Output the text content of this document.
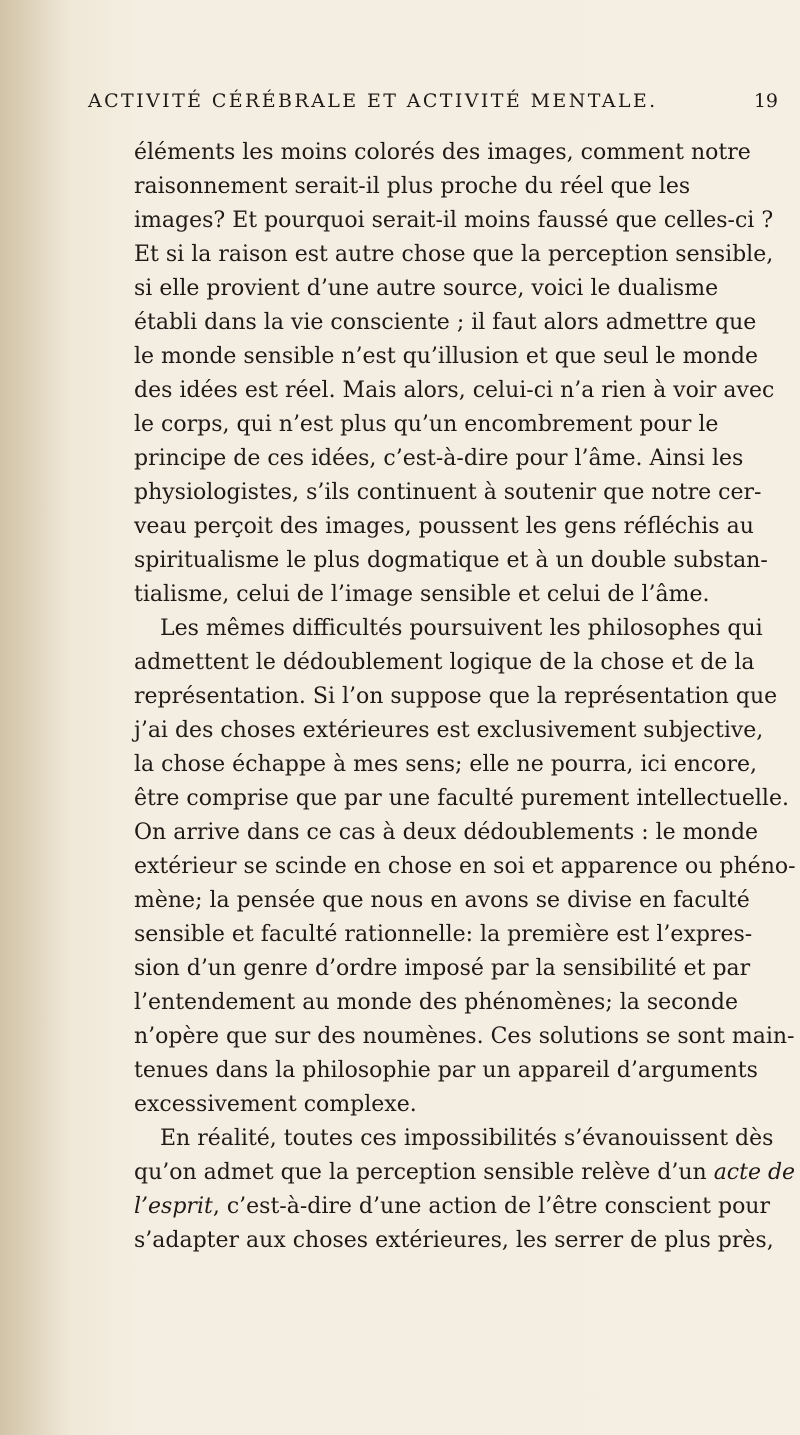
ACTIVITÉ CÉRÉBRALE ET ACTIVITÉ MENTALE.	19
éléments les moins colorés des images, comment notre
raisonnement serait-il plus proche du réel que les
images? Et pourquoi serait-il moins faussé que celles-ci ?
Et si la raison est autre chose que la perception sensible,
si elle provient d’une autre source, voici le dualisme
établi dans la vie consciente ; il faut alors admettre que
le monde sensible n’est qu’illusion et que seul le monde
des idées est réel. Mais alors, celui-ci n’a rien à voir avec
le corps, qui n’est plus qu’un encombrement pour le
principe de ces idées, c’est-à-dire pour l’âme. Ainsi les
physiologistes, s’ils continuent à soutenir que notre cer-
veau perçoit des images, poussent les gens réfléchis au
spiritualisme le plus dogmatique et à un double substan-
tialisme, celui de l’image sensible et celui de l’âme.
Les mêmes difficultés poursuivent les philosophes qui
admettent le dédoublement logique de la chose et de la
représentation. Si l’on suppose que la représentation que
j’ai des choses extérieures est exclusivement subjective,
la chose échappe à mes sens; elle ne pourra, ici encore,
être comprise que par une faculté purement intellectuelle.
On arrive dans ce cas à deux dédoublements : le monde
extérieur se scinde en chose en soi et apparence ou phéno-
mène; la pensée que nous en avons se divise en faculté
sensible et faculté rationnelle: la première est l’expres-
sion d’un genre d’ordre imposé par la sensibilité et par
l’entendement au monde des phénomènes; la seconde
n’opère que sur des noumènes. Ces solutions se sont main-
tenues dans la philosophie par un appareil d’arguments
excessivement complexe.
En réalité, toutes ces impossibilités s’évanouissent dès
qu’on admet que la perception sensible relève d’un acte de
l’esprit, c’est-à-dire d’une action de l’être conscient pour
s’adapter aux choses extérieures, les serrer de plus près,
